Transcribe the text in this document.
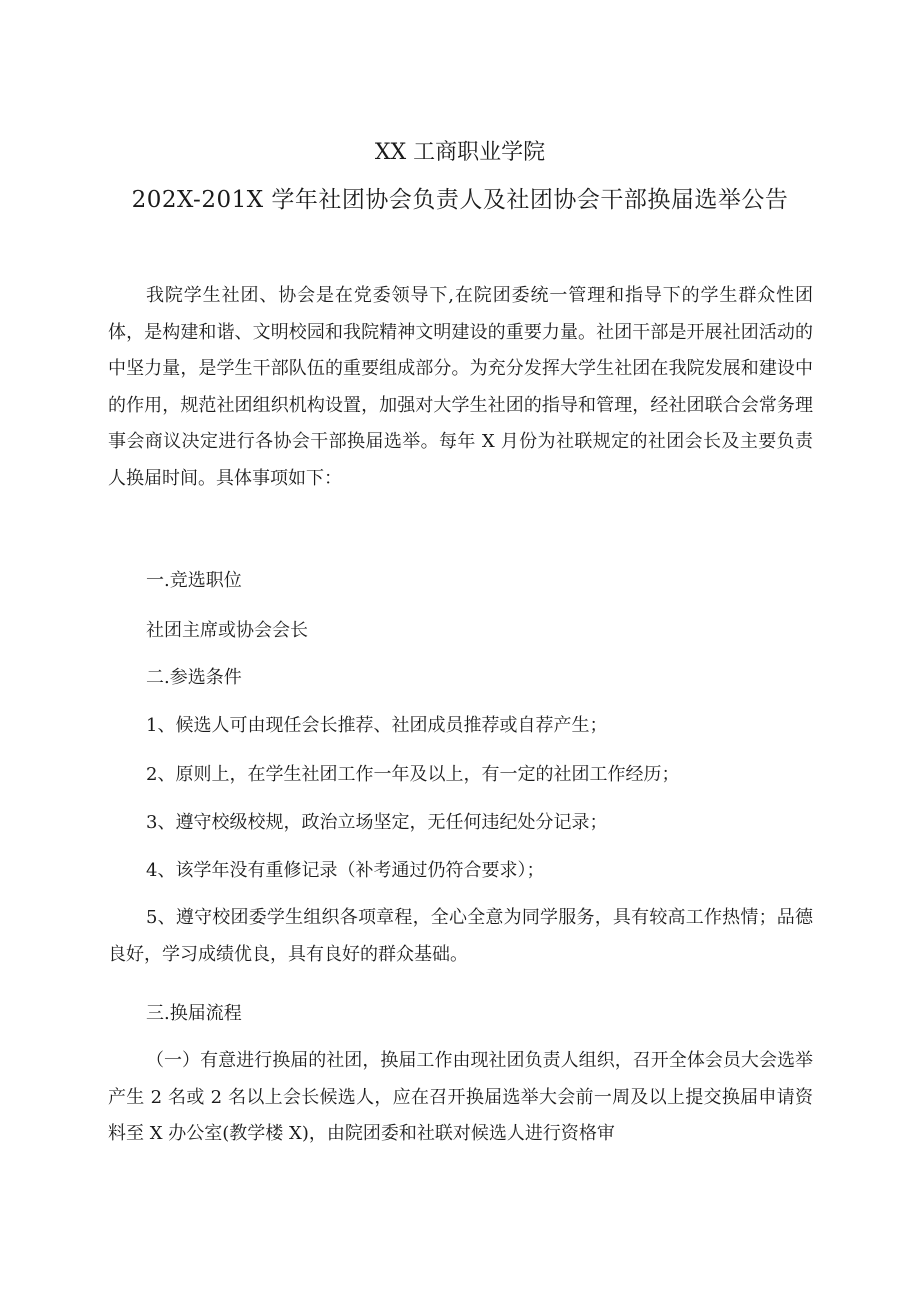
XX 工商职业学院
202X-201X 学年社团协会负责人及社团协会干部换届选举公告

我院学生社团、协会是在党委领导下,在院团委统一管理和指导下的学生群众性团体，是构建和谐、文明校园和我院精神文明建设的重要力量。社团干部是开展社团活动的中坚力量，是学生干部队伍的重要组成部分。为充分发挥大学生社团在我院发展和建设中的作用，规范社团组织机构设置，加强对大学生社团的指导和管理，经社团联合会常务理事会商议决定进行各协会干部换届选举。每年 X 月份为社联规定的社团会长及主要负责人换届时间。具体事项如下：

一.竞选职位

社团主席或协会会长

二.参选条件

1、候选人可由现任会长推荐、社团成员推荐或自荐产生；

2、原则上，在学生社团工作一年及以上，有一定的社团工作经历；

3、遵守校级校规，政治立场坚定，无任何违纪处分记录；

4、该学年没有重修记录（补考通过仍符合要求）；

5、遵守校团委学生组织各项章程，全心全意为同学服务，具有较高工作热情；品德良好，学习成绩优良，具有良好的群众基础。

三.换届流程

（一）有意进行换届的社团，换届工作由现社团负责人组织，召开全体会员大会选举产生 2 名或 2 名以上会长候选人，应在召开换届选举大会前一周及以上提交换届申请资料至 X 办公室(教学楼 X)，由院团委和社联对候选人进行资格审
